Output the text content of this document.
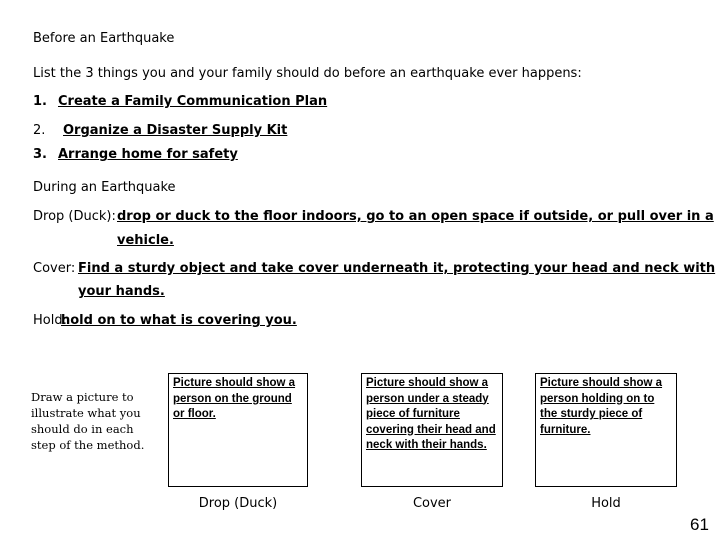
Before an Earthquake
List the 3 things you and your family should do before an earthquake ever happens:
1. Create a Family Communication Plan
2. Organize a Disaster Supply Kit
3. Arrange home for safety
During an Earthquake
Drop (Duck): drop or duck to the floor indoors, go to an open space if outside, or pull over in a
vehicle.
Cover: Find a sturdy object and take cover underneath it, protecting your head and neck with
your hands.
Hold:
hold on to what is covering you.
Draw a picture to illustrate what you should do in each step of the method.
Picture should show a person on the ground or floor.
Picture should show a person under a steady piece of furniture covering their head and neck with their hands.
Picture should show a person holding on to the sturdy piece of furniture.
Drop (Duck)	Cover	Hold
61
